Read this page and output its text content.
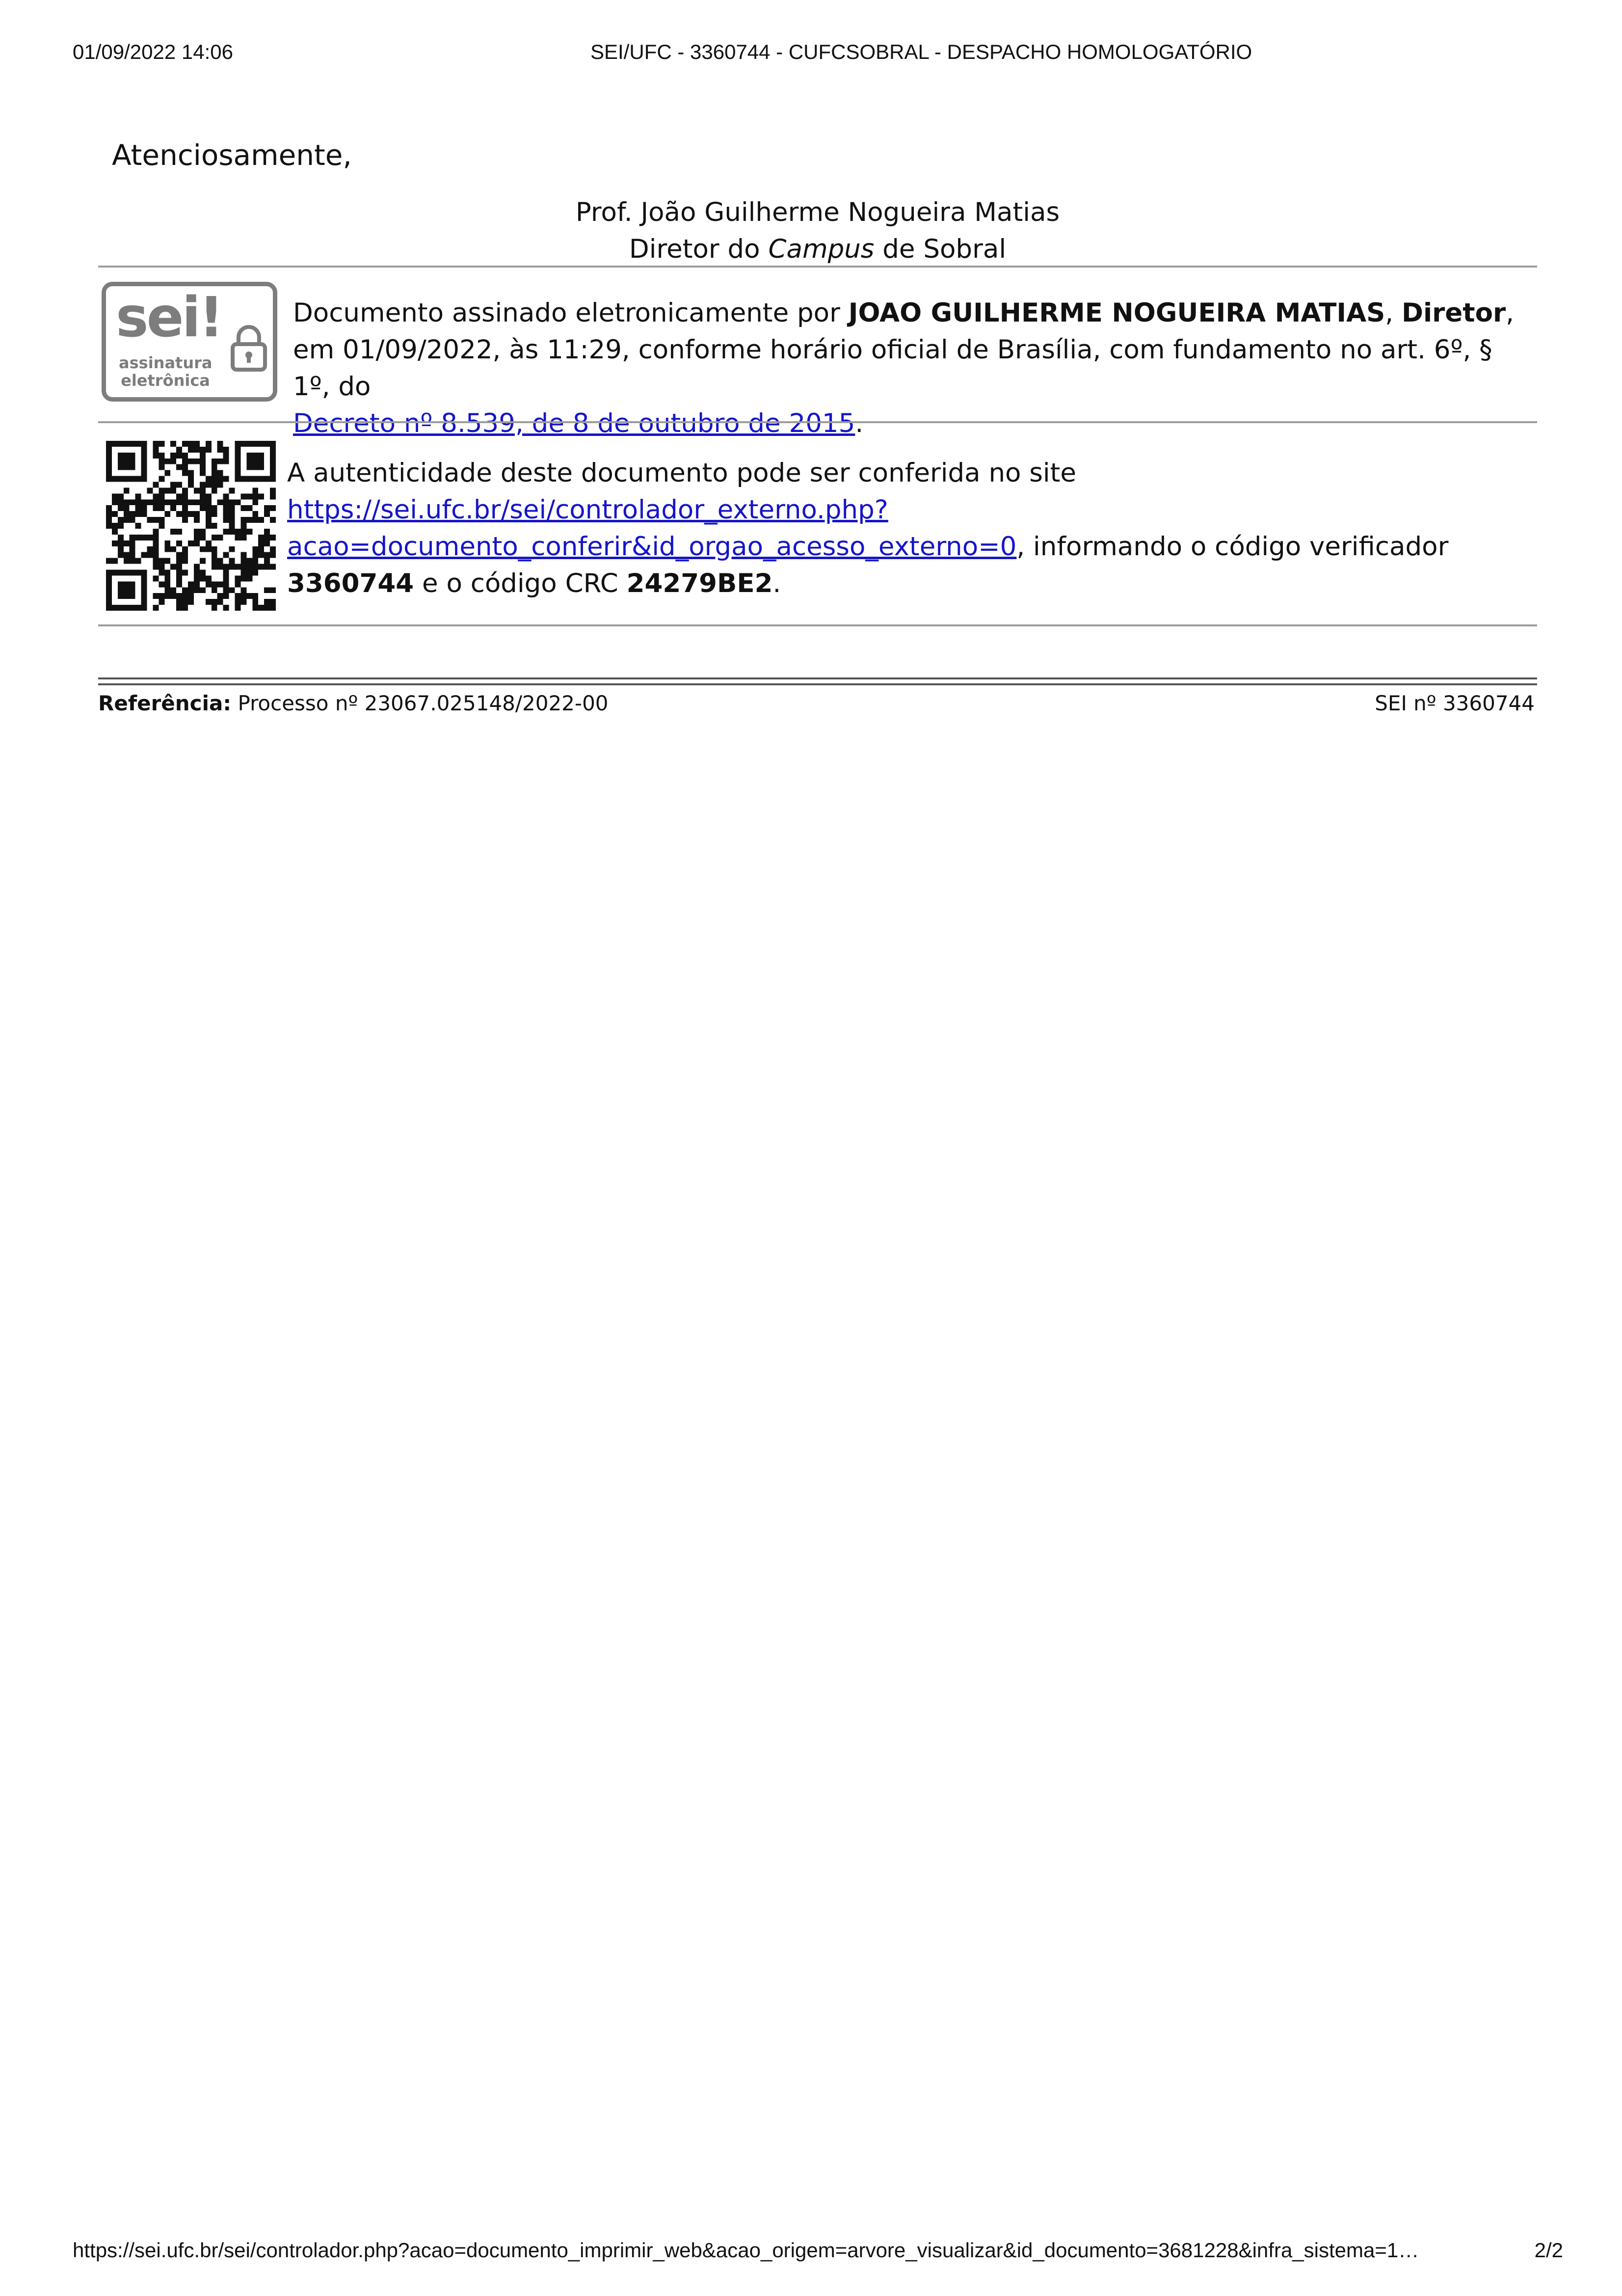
01/09/2022 14:06	SEI/UFC - 3360744 - CUFCSOBRAL - DESPACHO HOMOLOGATÓRIO
Atenciosamente,
Prof. João Guilherme Nogueira Matias
Diretor do Campus de Sobral
sei!
assinatura
eletrônica
Documento assinado eletronicamente por JOAO GUILHERME NOGUEIRA MATIAS, Diretor, em 01/09/2022, às 11:29, conforme horário oficial de Brasília, com fundamento no art. 6º, § 1º, do
Decreto nº 8.539, de 8 de outubro de 2015.
A autenticidade deste documento pode ser conferida no site
https://sei.ufc.br/sei/controlador_externo.php?
acao=documento_conferir&id_orgao_acesso_externo=0, informando o código verificador 3360744 e o código CRC 24279BE2.
Referência: Processo nº 23067.025148/2022-00	SEI nº 3360744
https://sei.ufc.br/sei/controlador.php?acao=documento_imprimir_web&acao_origem=arvore_visualizar&id_documento=3681228&infra_sistema=1…	2/2
